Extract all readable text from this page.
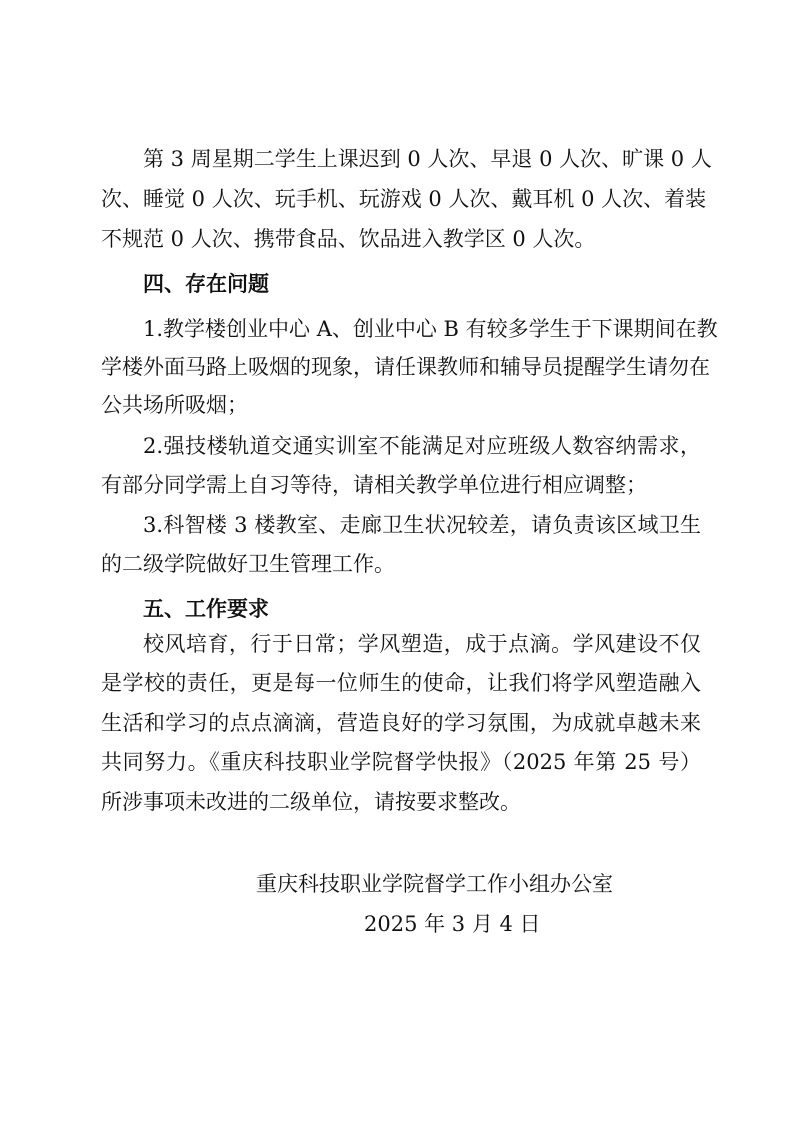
第 3 周星期二学生上课迟到 0 人次、早退 0 人次、旷课 0 人
次、睡觉 0 人次、玩手机、玩游戏 0 人次、戴耳机 0 人次、着装
不规范 0 人次、携带食品、饮品进入教学区 0 人次。
四、存在问题
1.教学楼创业中心 A、创业中心 B 有较多学生于下课期间在教
学楼外面马路上吸烟的现象，请任课教师和辅导员提醒学生请勿在
公共场所吸烟；
2.强技楼轨道交通实训室不能满足对应班级人数容纳需求，
有部分同学需上自习等待，请相关教学单位进行相应调整；
3.科智楼 3 楼教室、走廊卫生状况较差，请负责该区域卫生
的二级学院做好卫生管理工作。
五、工作要求
校风培育，行于日常；学风塑造，成于点滴。学风建设不仅
是学校的责任，更是每一位师生的使命，让我们将学风塑造融入
生活和学习的点点滴滴，营造良好的学习氛围，为成就卓越未来
共同努力。《重庆科技职业学院督学快报》（2025 年第 25 号）
所涉事项未改进的二级单位，请按要求整改。
重庆科技职业学院督学工作小组办公室
2025 年 3 月 4 日
